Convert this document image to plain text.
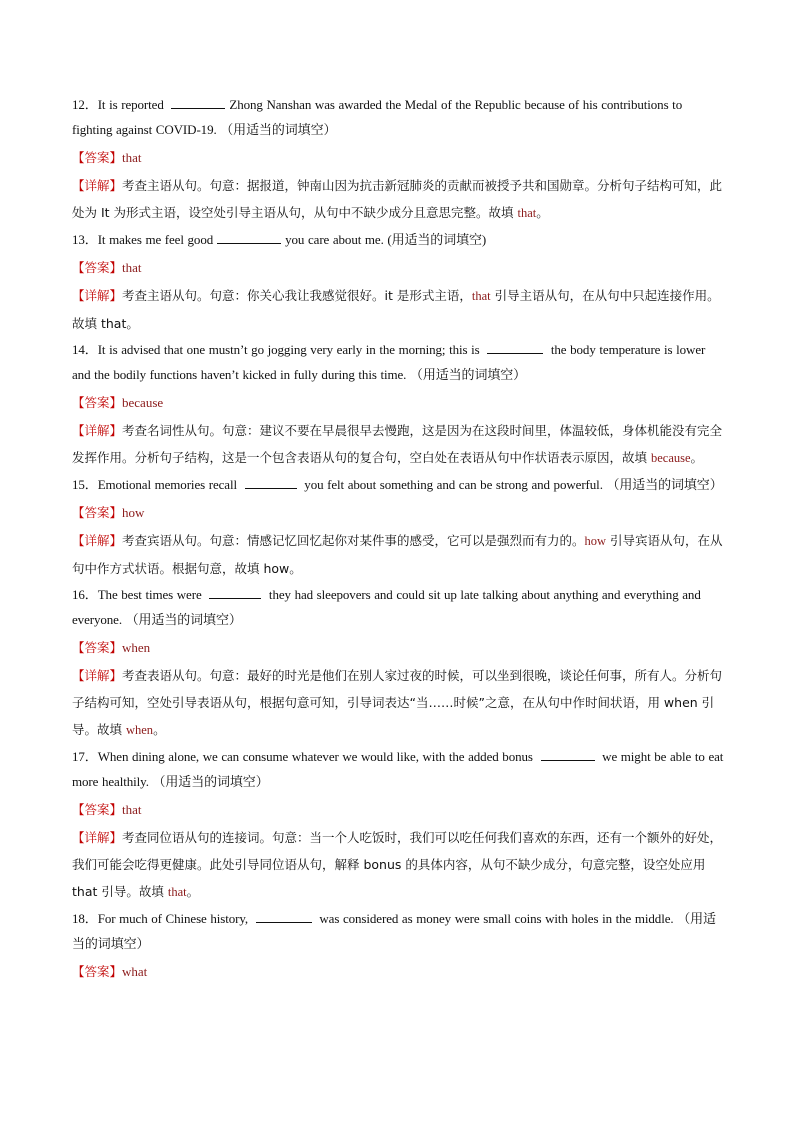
12．It is reported	Zhong Nanshan was awarded the Medal of the Republic because of his contributions to fighting against COVID-19. （用适当的词填空）
【答案】that
【详解】考查主语从句。句意：据报道，钟南山因为抗击新冠肺炎的贡献而被授予共和国勋章。分析句子结构可知，此处为 It 为形式主语，设空处引导主语从句，从句中不缺少成分且意思完整。故填 that。
13．It makes me feel good	you care about me. (用适当的词填空)
【答案】that
【详解】考查主语从句。句意：你关心我让我感觉很好。it 是形式主语，that 引导主语从句，在从句中只起连接作用。故填 that。
14．It is advised that one mustn’t go jogging very early in the morning; this is	the body temperature is lower and the bodily functions haven’t kicked in fully during this time. （用适当的词填空）
【答案】because
【详解】考查名词性从句。句意：建议不要在早晨很早去慢跑，这是因为在这段时间里，体温较低，身体机能没有完全发挥作用。分析句子结构，这是一个包含表语从句的复合句，空白处在表语从句中作状语表示原因，故填 because。
15．Emotional memories recall	you felt about something and can be strong and powerful. （用适当的词填空）
【答案】how
【详解】考查宾语从句。句意：情感记忆回忆起你对某件事的感受，它可以是强烈而有力的。how 引导宾语从句，在从句中作方式状语。根据句意，故填 how。
16．The best times were	they had sleepovers and could sit up late talking about anything and everything and everyone. （用适当的词填空）
【答案】when
【详解】考查表语从句。句意：最好的时光是他们在别人家过夜的时候，可以坐到很晚，谈论任何事，所有人。分析句子结构可知，空处引导表语从句，根据句意可知，引导词表达“当……时候”之意，在从句中作时间状语，用 when 引导。故填 when。
17．When dining alone, we can consume whatever we would like, with the added bonus	we might be able to eat more healthily. （用适当的词填空）
【答案】that
【详解】考查同位语从句的连接词。句意：当一个人吃饭时，我们可以吃任何我们喜欢的东西，还有一个额外的好处，我们可能会吃得更健康。此处引导同位语从句，解释 bonus 的具体内容，从句不缺少成分，句意完整，设空处应用 that 引导。故填 that。
18．For much of Chinese history,	was considered as money were small coins with holes in the middle. （用适当的词填空）
【答案】what
